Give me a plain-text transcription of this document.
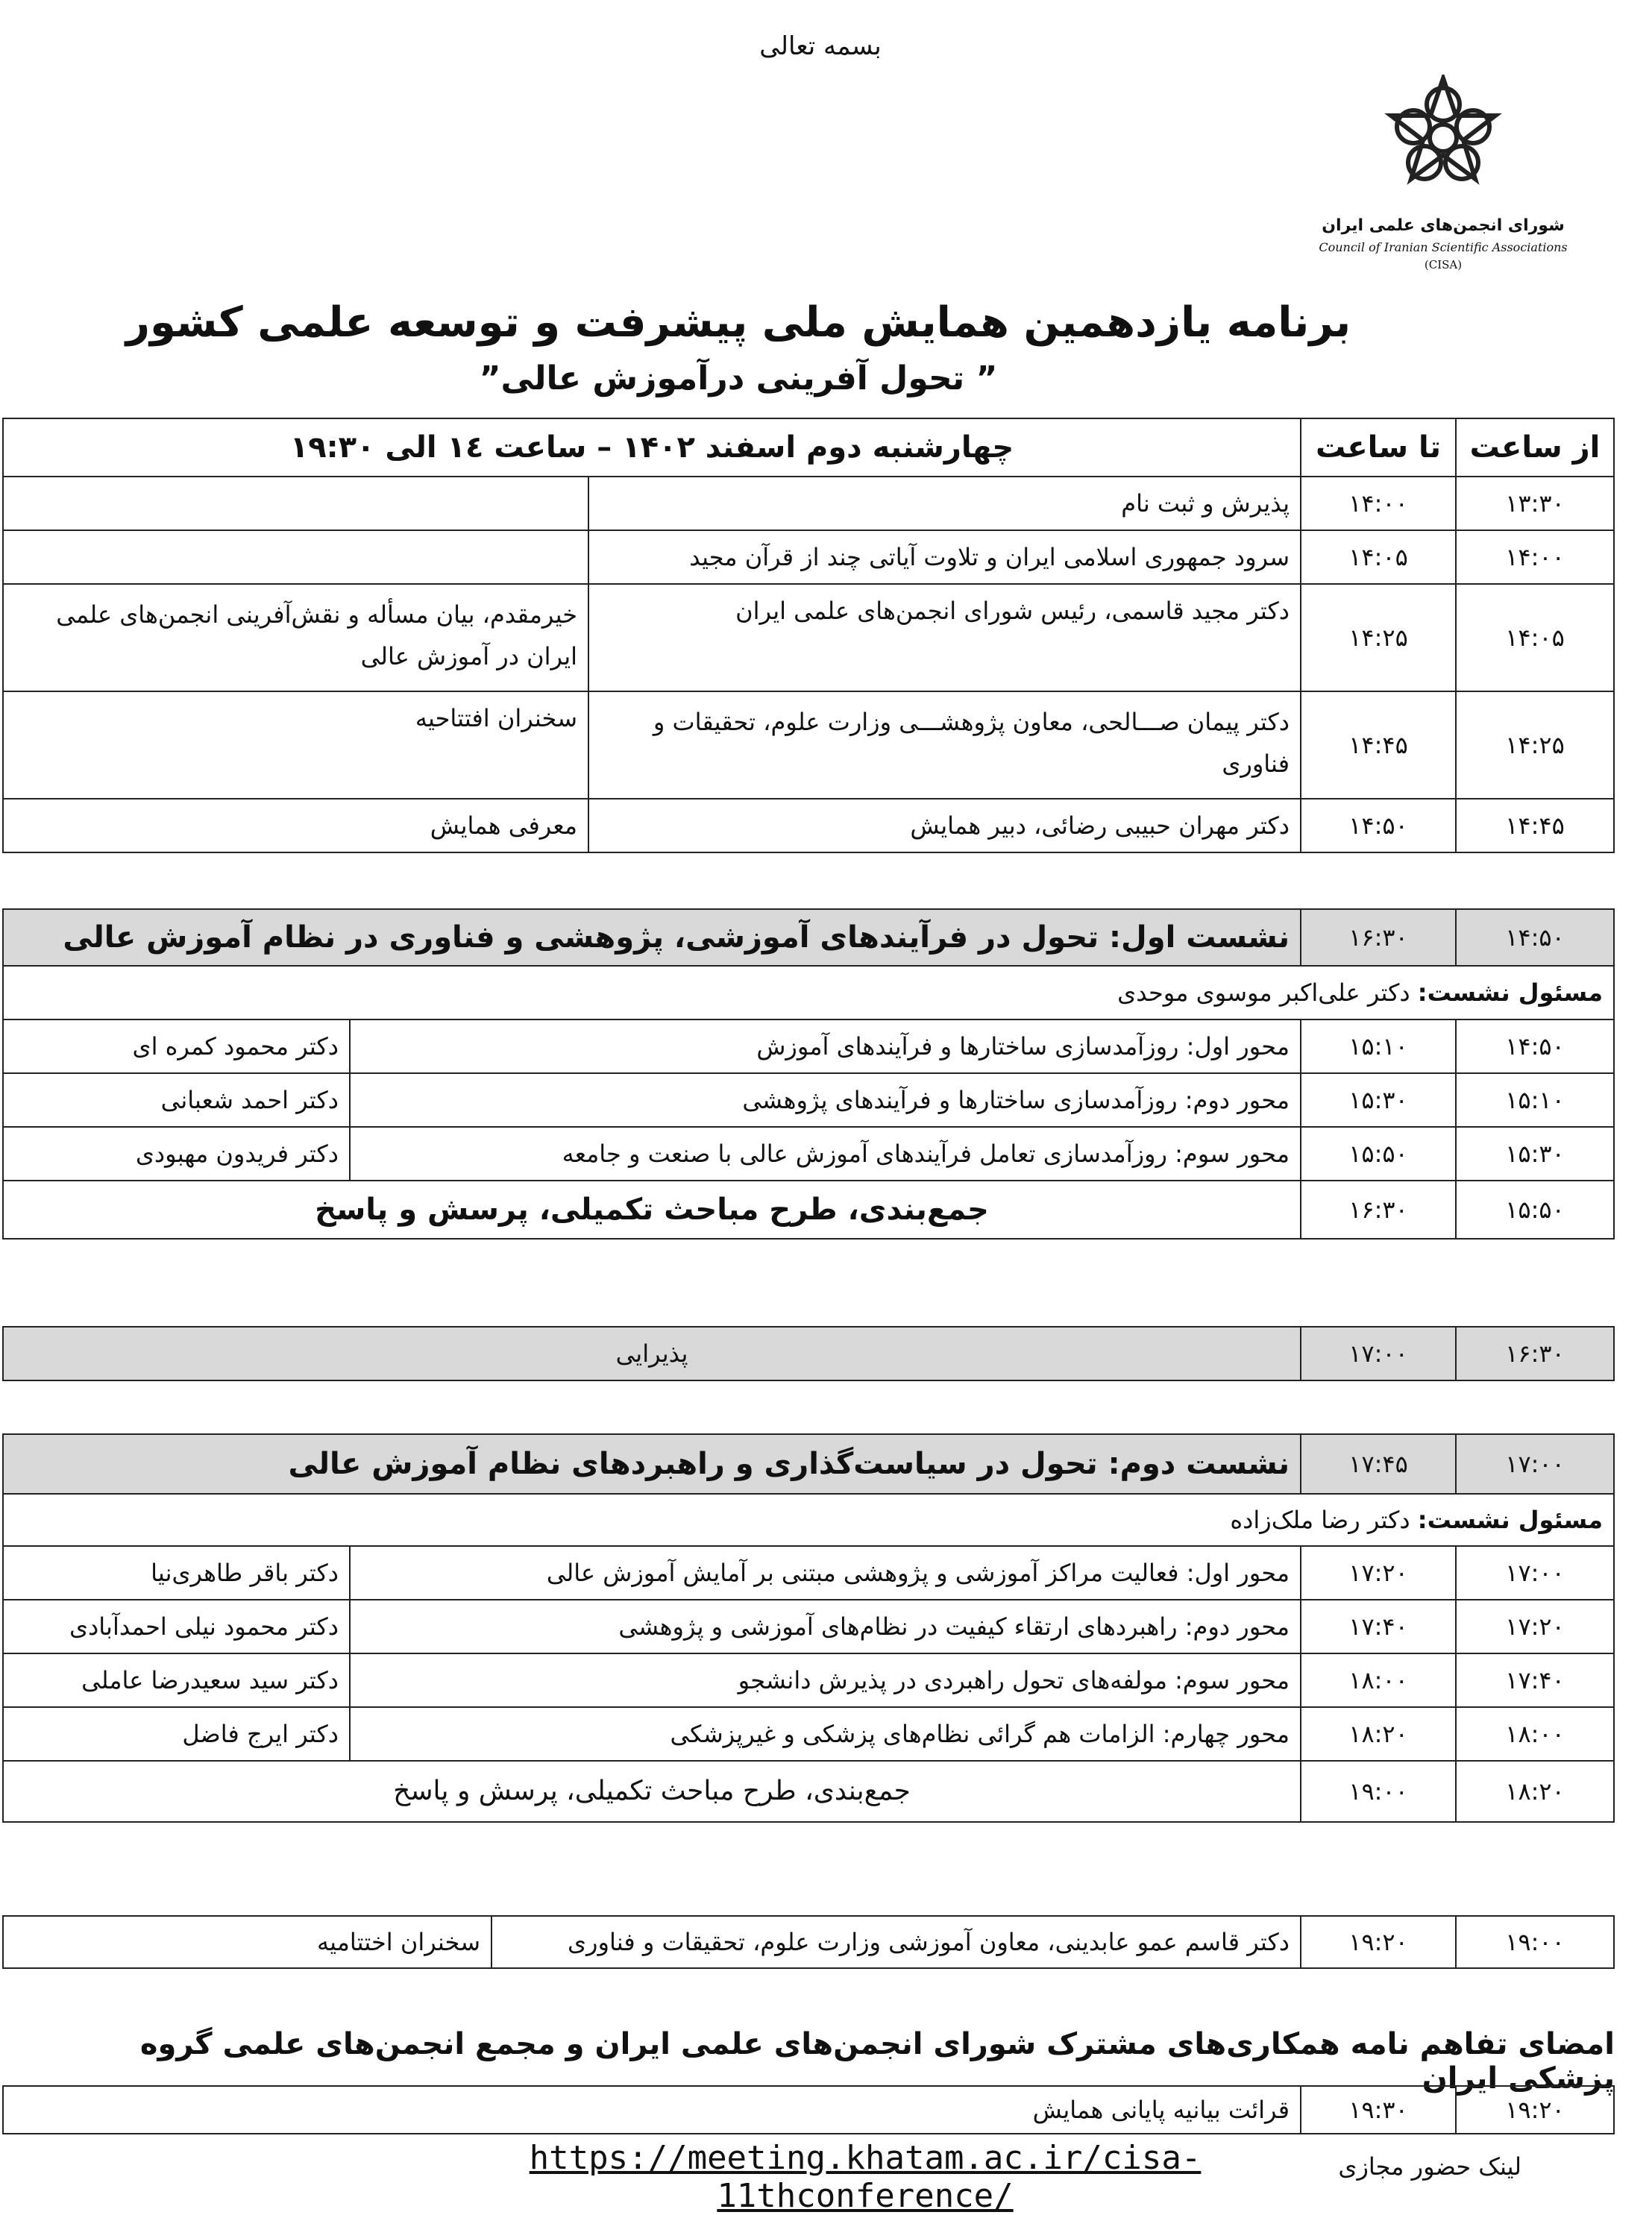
بسمه تعالی
شورای انجمن‌های علمی ایران
Council of Iranian Scientific Associations
(CISA)
برنامه یازدهمین همایش ملی پیشرفت و توسعه علمی کشور
” تحول آفرینی درآموزش عالی”
از ساعت	تا ساعت	چهارشنبه دوم اسفند ۱۴۰۲ – ساعت ۱٤ الی ۱۹:۳۰	
۱۳:۳۰	۱۴:۰۰	پذیرش و ثبت نام	
۱۴:۰۰	۱۴:۰۵	سرود جمهوری اسلامی ایران و تلاوت آیاتی چند از قرآن مجید	
۱۴:۰۵	۱۴:۲۵	دکتر مجید قاسمی، رئیس شورای انجمن‌های علمی ایران	خیرمقدم، بیان مسأله و نقش‌آفرینی انجمن‌های علمی ایران در آموزش عالی
۱۴:۲۵	۱۴:۴۵	دکتر پیمان صـــالحی، معاون پژوهشـــی وزارت علوم، تحقیقات و فناوری	سخنران افتتاحیه
۱۴:۴۵	۱۴:۵۰	دکتر مهران حبیبی رضائی، دبیر همایش	معرفی همایش
۱۴:۵۰	۱۶:۳۰	نشست اول: تحول در فرآیندهای آموزشی، پژوهشی و فناوری در نظام آموزش عالی	
مسئول نشست: دکتر علی‌اکبر موسوی موحدی			
۱۴:۵۰	۱۵:۱۰	محور اول: روزآمدسازی ساختارها و فرآیندهای آموزش	دکتر محمود کمره ای
۱۵:۱۰	۱۵:۳۰	محور دوم: روزآمدسازی ساختارها و فرآیندهای پژوهشی	دکتر احمد شعبانی
۱۵:۳۰	۱۵:۵۰	محور سوم: روزآمدسازی تعامل فرآیندهای آموزش عالی با صنعت و جامعه	دکتر فریدون مهبودی
۱۵:۵۰	۱۶:۳۰	جمع‌بندی، طرح مباحث تکمیلی، پرسش و پاسخ	
۱۶:۳۰	۱۷:۰۰	پذیرایی
۱۷:۰۰	۱۷:۴۵	نشست دوم: تحول در سیاست‌گذاری و راهبردهای نظام آموزش عالی	
مسئول نشست: دکتر رضا ملک‌زاده			
۱۷:۰۰	۱۷:۲۰	محور اول: فعالیت مراکز آموزشی و پژوهشی مبتنی بر آمایش آموزش عالی	دکتر باقر طاهری‌نیا
۱۷:۲۰	۱۷:۴۰	محور دوم: راهبردهای ارتقاء کیفیت در نظام‌های آموزشی و پژوهشی	دکتر محمود نیلی احمدآبادی
۱۷:۴۰	۱۸:۰۰	محور سوم: مولفه‌های تحول راهبردی در پذیرش دانشجو	دکتر سید سعیدرضا عاملی
۱۸:۰۰	۱۸:۲۰	محور چهارم: الزامات هم گرائی نظام‌های پزشکی و غیرپزشکی	دکتر ایرج فاضل
۱۸:۲۰	۱۹:۰۰	جمع‌بندی، طرح مباحث تکمیلی، پرسش و پاسخ	
۱۹:۰۰	۱۹:۲۰	دکتر قاسم عمو عابدینی، معاون آموزشی وزارت علوم، تحقیقات و فناوری	سخنران اختتامیه
امضای تفاهم نامه همکاری‌های مشترک شورای انجمن‌های علمی ایران و مجمع انجمن‌های علمی گروه پزشکی ایران
۱۹:۲۰	۱۹:۳۰	قرائت بیانیه پایانی همایش
لینک حضور مجازی
https://meeting.khatam.ac.ir/cisa-11thconference/
